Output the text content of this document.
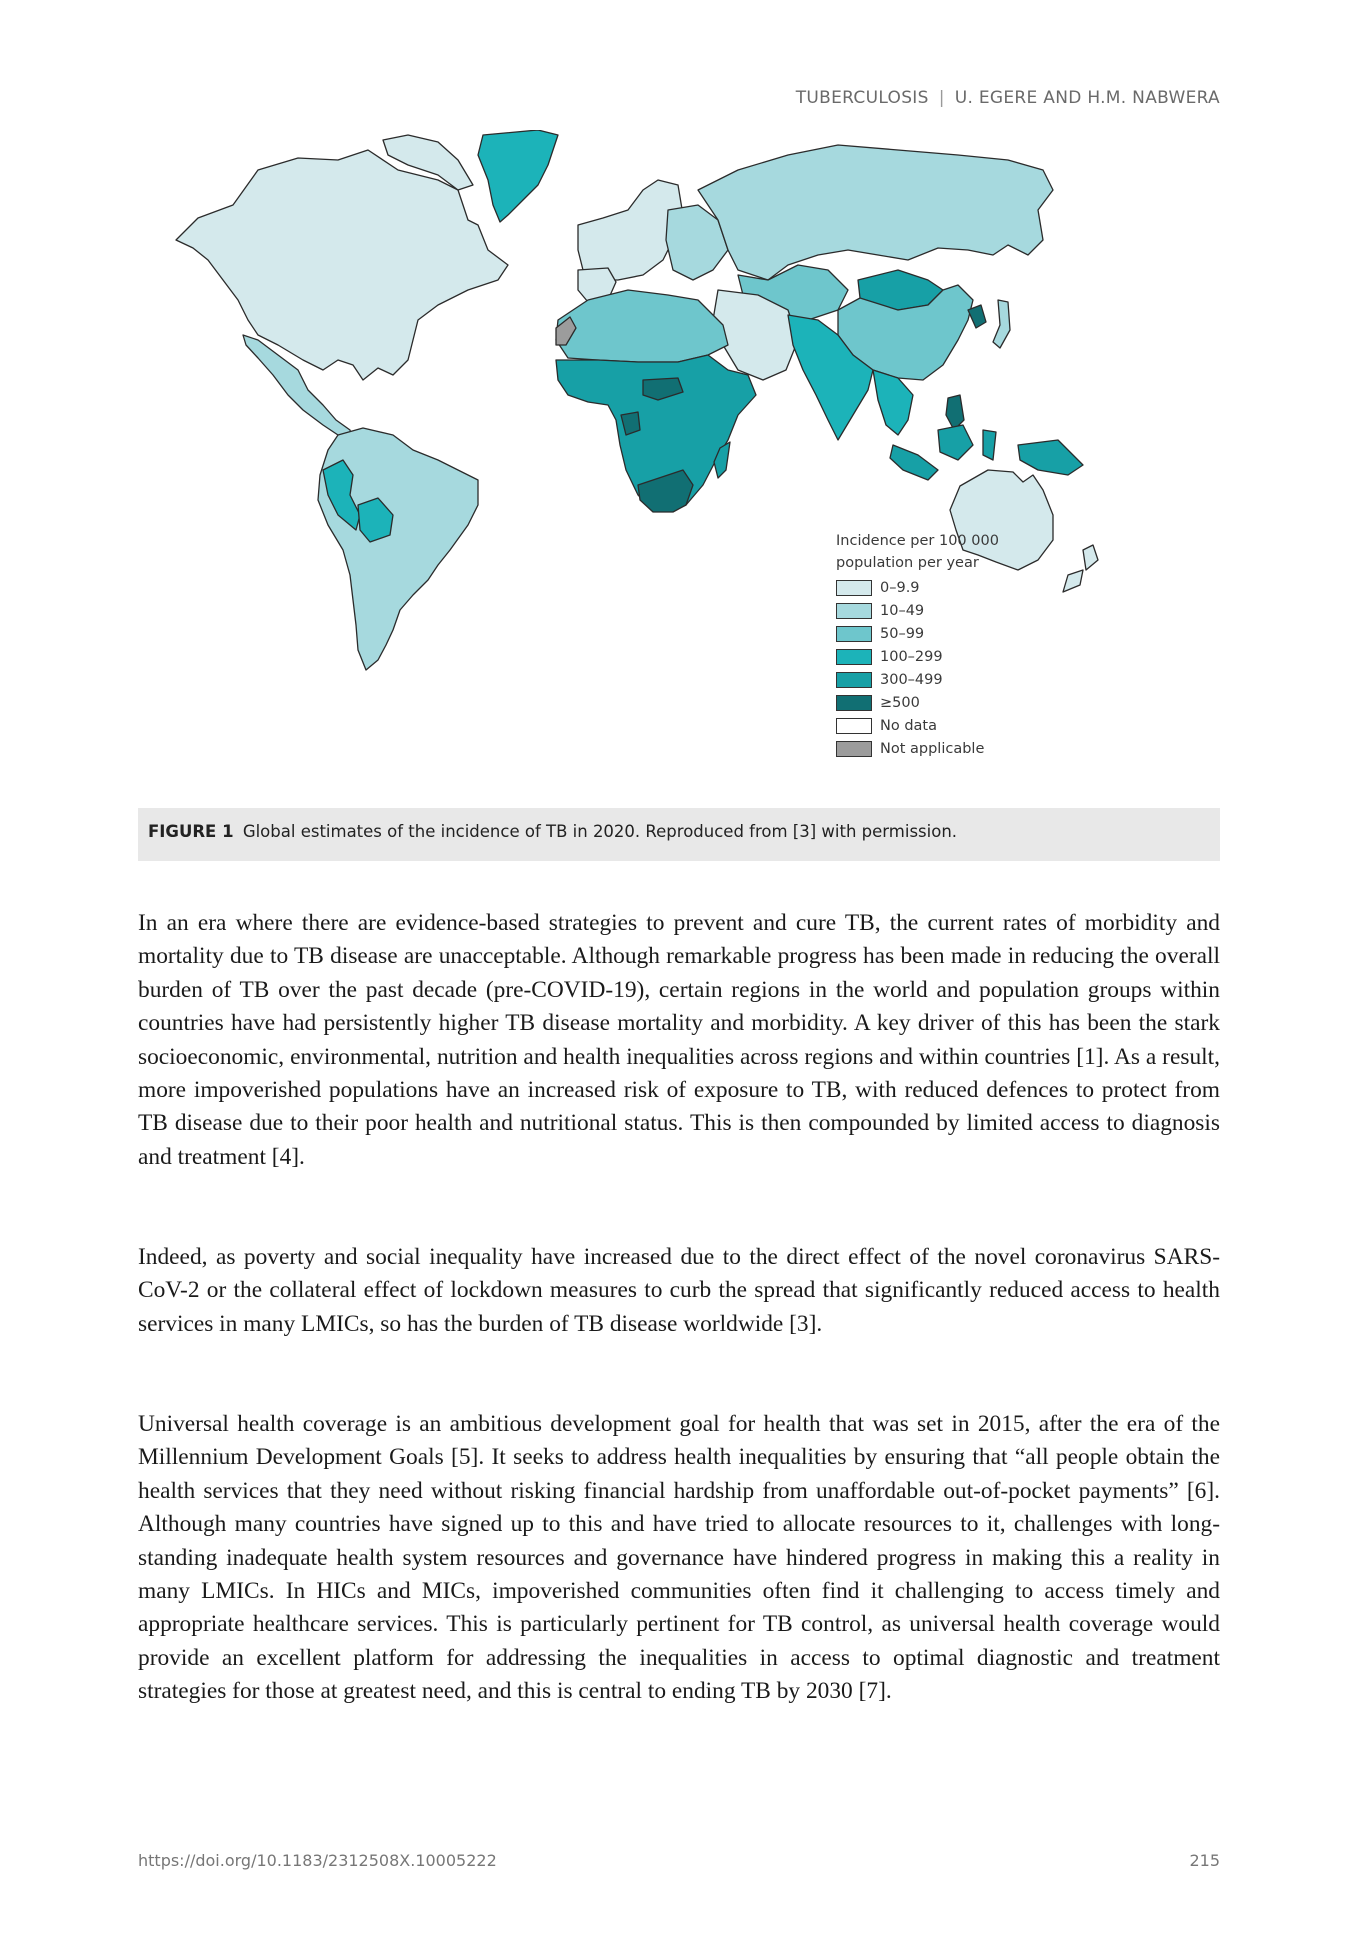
TUBERCULOSIS | U. EGERE AND H.M. NABWERA
Incidence per 100 000
population per year
0–9.9
10–49
50–99
100–299
300–499
≥500
No data
Not applicable
FIGURE 1 Global estimates of the incidence of TB in 2020. Reproduced from [3] with permission.

In an era where there are evidence-based strategies to prevent and cure TB, the current rates of morbidity and mortality due to TB disease are unacceptable. Although remarkable progress has been made in reducing the overall burden of TB over the past decade (pre-COVID-19), certain regions in the world and population groups within countries have had persistently higher TB disease mortality and morbidity. A key driver of this has been the stark socioeconomic, environmental, nutrition and health inequalities across regions and within countries [1]. As a result, more impoverished populations have an increased risk of exposure to TB, with reduced defences to protect from TB disease due to their poor health and nutritional status. This is then compounded by limited access to diagnosis and treatment [4].

Indeed, as poverty and social inequality have increased due to the direct effect of the novel coronavirus SARS-CoV-2 or the collateral effect of lockdown measures to curb the spread that significantly reduced access to health services in many LMICs, so has the burden of TB disease worldwide [3].

Universal health coverage is an ambitious development goal for health that was set in 2015, after the era of the Millennium Development Goals [5]. It seeks to address health inequalities by ensuring that “all people obtain the health services that they need without risking financial hardship from unaffordable out-of-pocket payments” [6]. Although many countries have signed up to this and have tried to allocate resources to it, challenges with long-standing inadequate health system resources and governance have hindered progress in making this a reality in many LMICs. In HICs and MICs, impoverished communities often find it challenging to access timely and appropriate healthcare services. This is particularly pertinent for TB control, as universal health coverage would provide an excellent platform for addressing the inequalities in access to optimal diagnostic and treatment strategies for those at greatest need, and this is central to ending TB by 2030 [7].

https://doi.org/10.1183/2312508X.10005222	215
